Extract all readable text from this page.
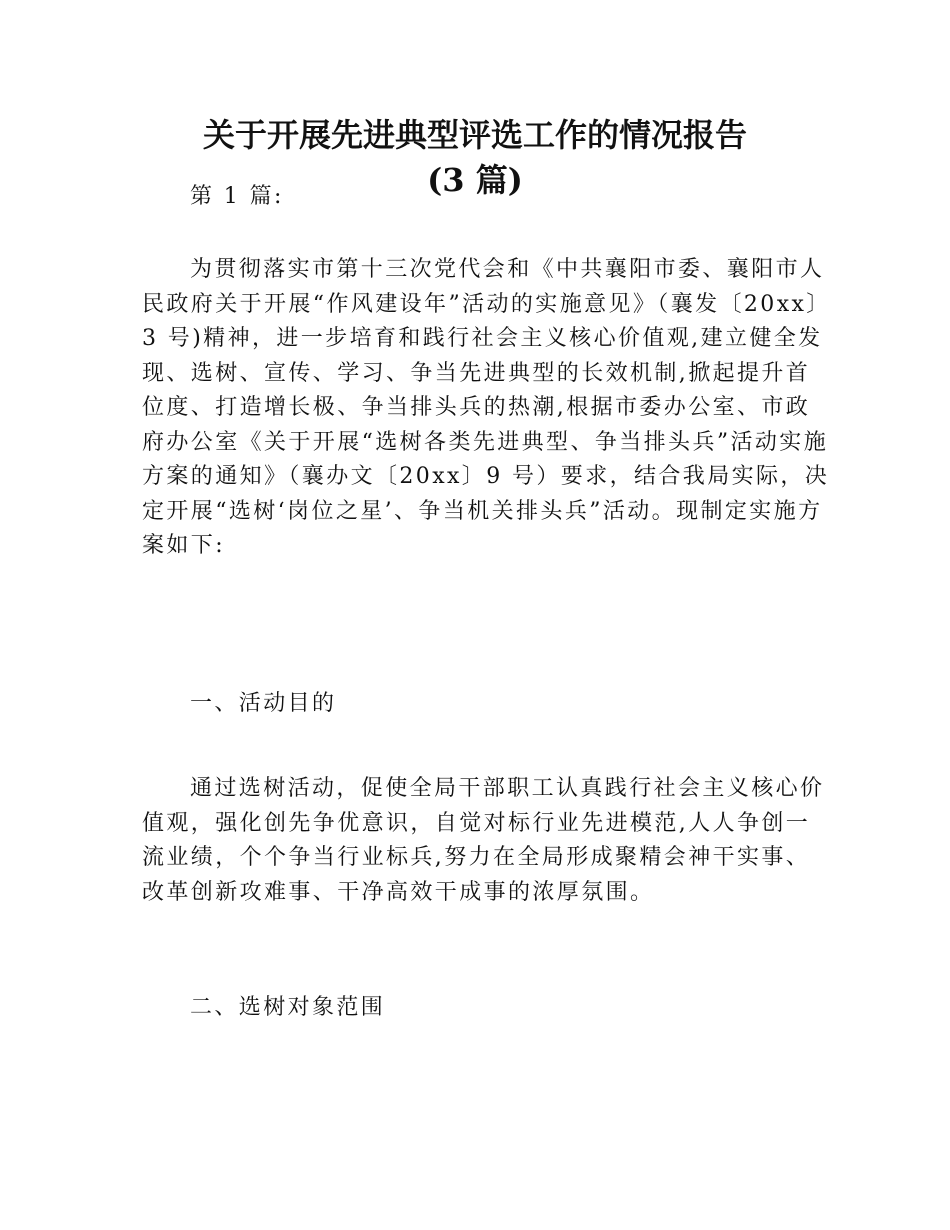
关于开展先进典型评选工作的情况报告
(3 篇)

第 1 篇:

为贯彻落实市第十三次党代会和《中共襄阳市委、襄阳市人民政府关于开展“作风建设年”活动的实施意见》（襄发〔20xx〕3 号)精神，进一步培育和践行社会主义核心价值观,建立健全发现、选树、宣传、学习、争当先进典型的长效机制,掀起提升首位度、打造增长极、争当排头兵的热潮,根据市委办公室、市政府办公室《关于开展“选树各类先进典型、争当排头兵”活动实施方案的通知》（襄办文〔20xx〕9 号）要求，结合我局实际，决定开展“选树‘岗位之星’、争当机关排头兵”活动。现制定实施方案如下:

一、活动目的

通过选树活动，促使全局干部职工认真践行社会主义核心价值观，强化创先争优意识，自觉对标行业先进模范,人人争创一流业绩，个个争当行业标兵,努力在全局形成聚精会神干实事、改革创新攻难事、干净高效干成事的浓厚氛围。

二、选树对象范围
